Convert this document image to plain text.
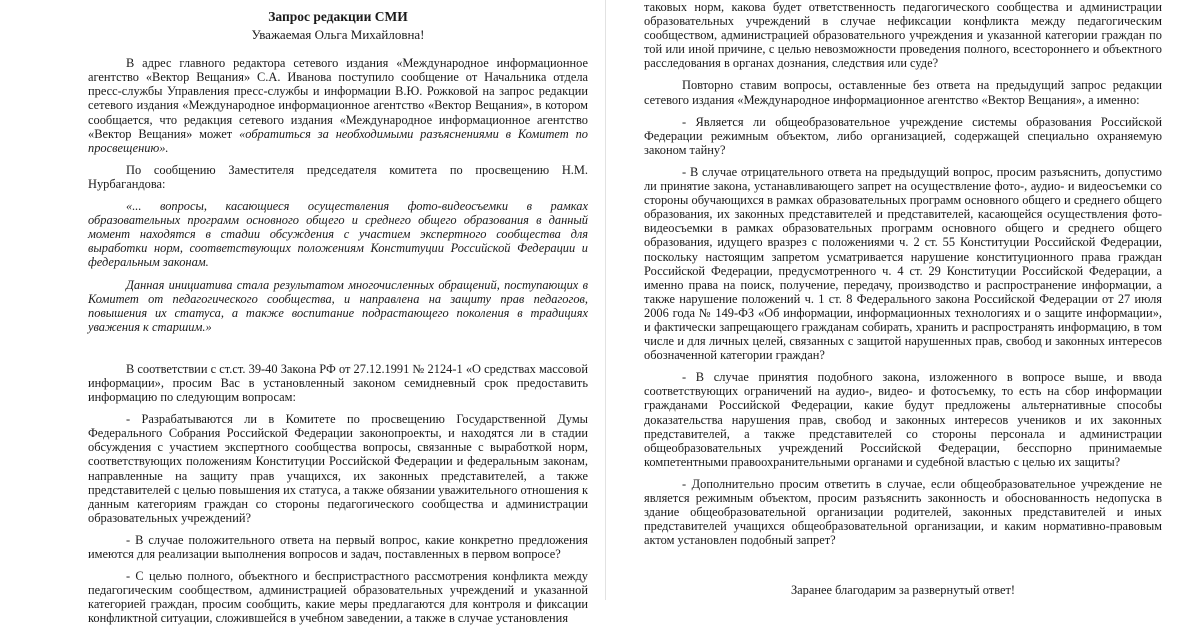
Запрос редакции СМИ

Уважаемая Ольга Михайловна!

В адрес главного редактора сетевого издания «Международное информационное агентство «Вектор Вещания» С.А. Иванова поступило сообщение от Начальника отдела пресс-службы Управления пресс-службы и информации В.Ю. Рожковой на запрос редакции сетевого издания «Международное информационное агентство «Вектор Вещания», в котором сообщается, что редакция сетевого издания «Международное информационное агентство «Вектор Вещания» может «обратиться за необходимыми разъяснениями в Комитет по просвещению».

По сообщению Заместителя председателя комитета по просвещению Н.М. Нурбагандова:

«... вопросы, касающиеся осуществления фото-видеосъемки в рамках образовательных программ основного общего и среднего общего образования в данный момент находятся в стадии обсуждения с участием экспертного сообщества для выработки норм, соответствующих положениям Конституции Российской Федерации и федеральным законам.

Данная инициатива стала результатом многочисленных обращений, поступающих в Комитет от педагогического сообщества, и направлена на защиту прав педагогов, повышения их статуса, а также воспитание подрастающего поколения в традициях уважения к старшим.»

В соответствии с ст.ст. 39-40 Закона РФ от 27.12.1991 № 2124-1 «О средствах массовой информации», просим Вас в установленный законом семидневный срок предоставить информацию по следующим вопросам:

- Разрабатываются ли в Комитете по просвещению Государственной Думы Федерального Собрания Российской Федерации законопроекты, и находятся ли в стадии обсуждения с участием экспертного сообщества вопросы, связанные с выработкой норм, соответствующих положениям Конституции Российской Федерации и федеральным законам, направленные на защиту прав учащихся, их законных представителей, а также представителей с целью повышения их статуса, а также обязании уважительного отношения к данным категориям граждан со стороны педагогического сообщества и администрации образовательных учреждений?

- В случае положительного ответа на первый вопрос, какие конкретно предложения имеются для реализации выполнения вопросов и задач, поставленных в первом вопросе?

- С целью полного, объектного и беспристрастного рассмотрения конфликта между педагогическим сообществом, администрацией образовательных учреждений и указанной категорией граждан, просим сообщить, какие меры предлагаются для контроля и фиксации конфликтной ситуации, сложившейся в учебном заведении, а также в случае установления

таковых норм, какова будет ответственность педагогического сообщества и администрации образовательных учреждений в случае нефиксации конфликта между педагогическим сообществом, администрацией образовательного учреждения и указанной категории граждан по той или иной причине, с целью невозможности проведения полного, всестороннего и объектного расследования в органах дознания, следствия или суде?

Повторно ставим вопросы, оставленные без ответа на предыдущий запрос редакции сетевого издания «Международное информационное агентство «Вектор Вещания», а именно:

- Является ли общеобразовательное учреждение системы образования Российской Федерации режимным объектом, либо организацией, содержащей специально охраняемую законом тайну?

- В случае отрицательного ответа на предыдущий вопрос, просим разъяснить, допустимо ли принятие закона, устанавливающего запрет на осуществление фото-, аудио- и видеосъемки со стороны обучающихся в рамках образовательных программ основного общего и среднего общего образования, их законных представителей и представителей, касающейся осуществления фото-видеосъемки в рамках образовательных программ основного общего и среднего общего образования, идущего вразрез с положениями ч. 2 ст. 55 Конституции Российской Федерации, поскольку настоящим запретом усматривается нарушение конституционного права граждан Российской Федерации, предусмотренного ч. 4 ст. 29 Конституции Российской Федерации, а именно права на поиск, получение, передачу, производство и распространение информации, а также нарушение положений ч. 1 ст. 8 Федерального закона Российской Федерации от 27 июля 2006 года № 149-ФЗ «Об информации, информационных технологиях и о защите информации», и фактически запрещающего гражданам собирать, хранить и распространять информацию, в том числе и для личных целей, связанных с защитой нарушенных прав, свобод и законных интересов обозначенной категории граждан?

- В случае принятия подобного закона, изложенного в вопросе выше, и ввода соответствующих ограничений на аудио-, видео- и фотосъемку, то есть на сбор информации гражданами Российской Федерации, какие будут предложены альтернативные способы доказательства нарушения прав, свобод и законных интересов учеников и их законных представителей, а также представителей со стороны персонала и администрации общеобразовательных учреждений Российской Федерации, бесспорно принимаемые компетентными правоохранительными органами и судебной властью с целью их защиты?

- Дополнительно просим ответить в случае, если общеобразовательное учреждение не является режимным объектом, просим разъяснить законность и обоснованность недопуска в здание общеобразовательной организации родителей, законных представителей и иных представителей учащихся общеобразовательной организации, и каким нормативно-правовым актом установлен подобный запрет?

Заранее благодарим за развернутый ответ!
